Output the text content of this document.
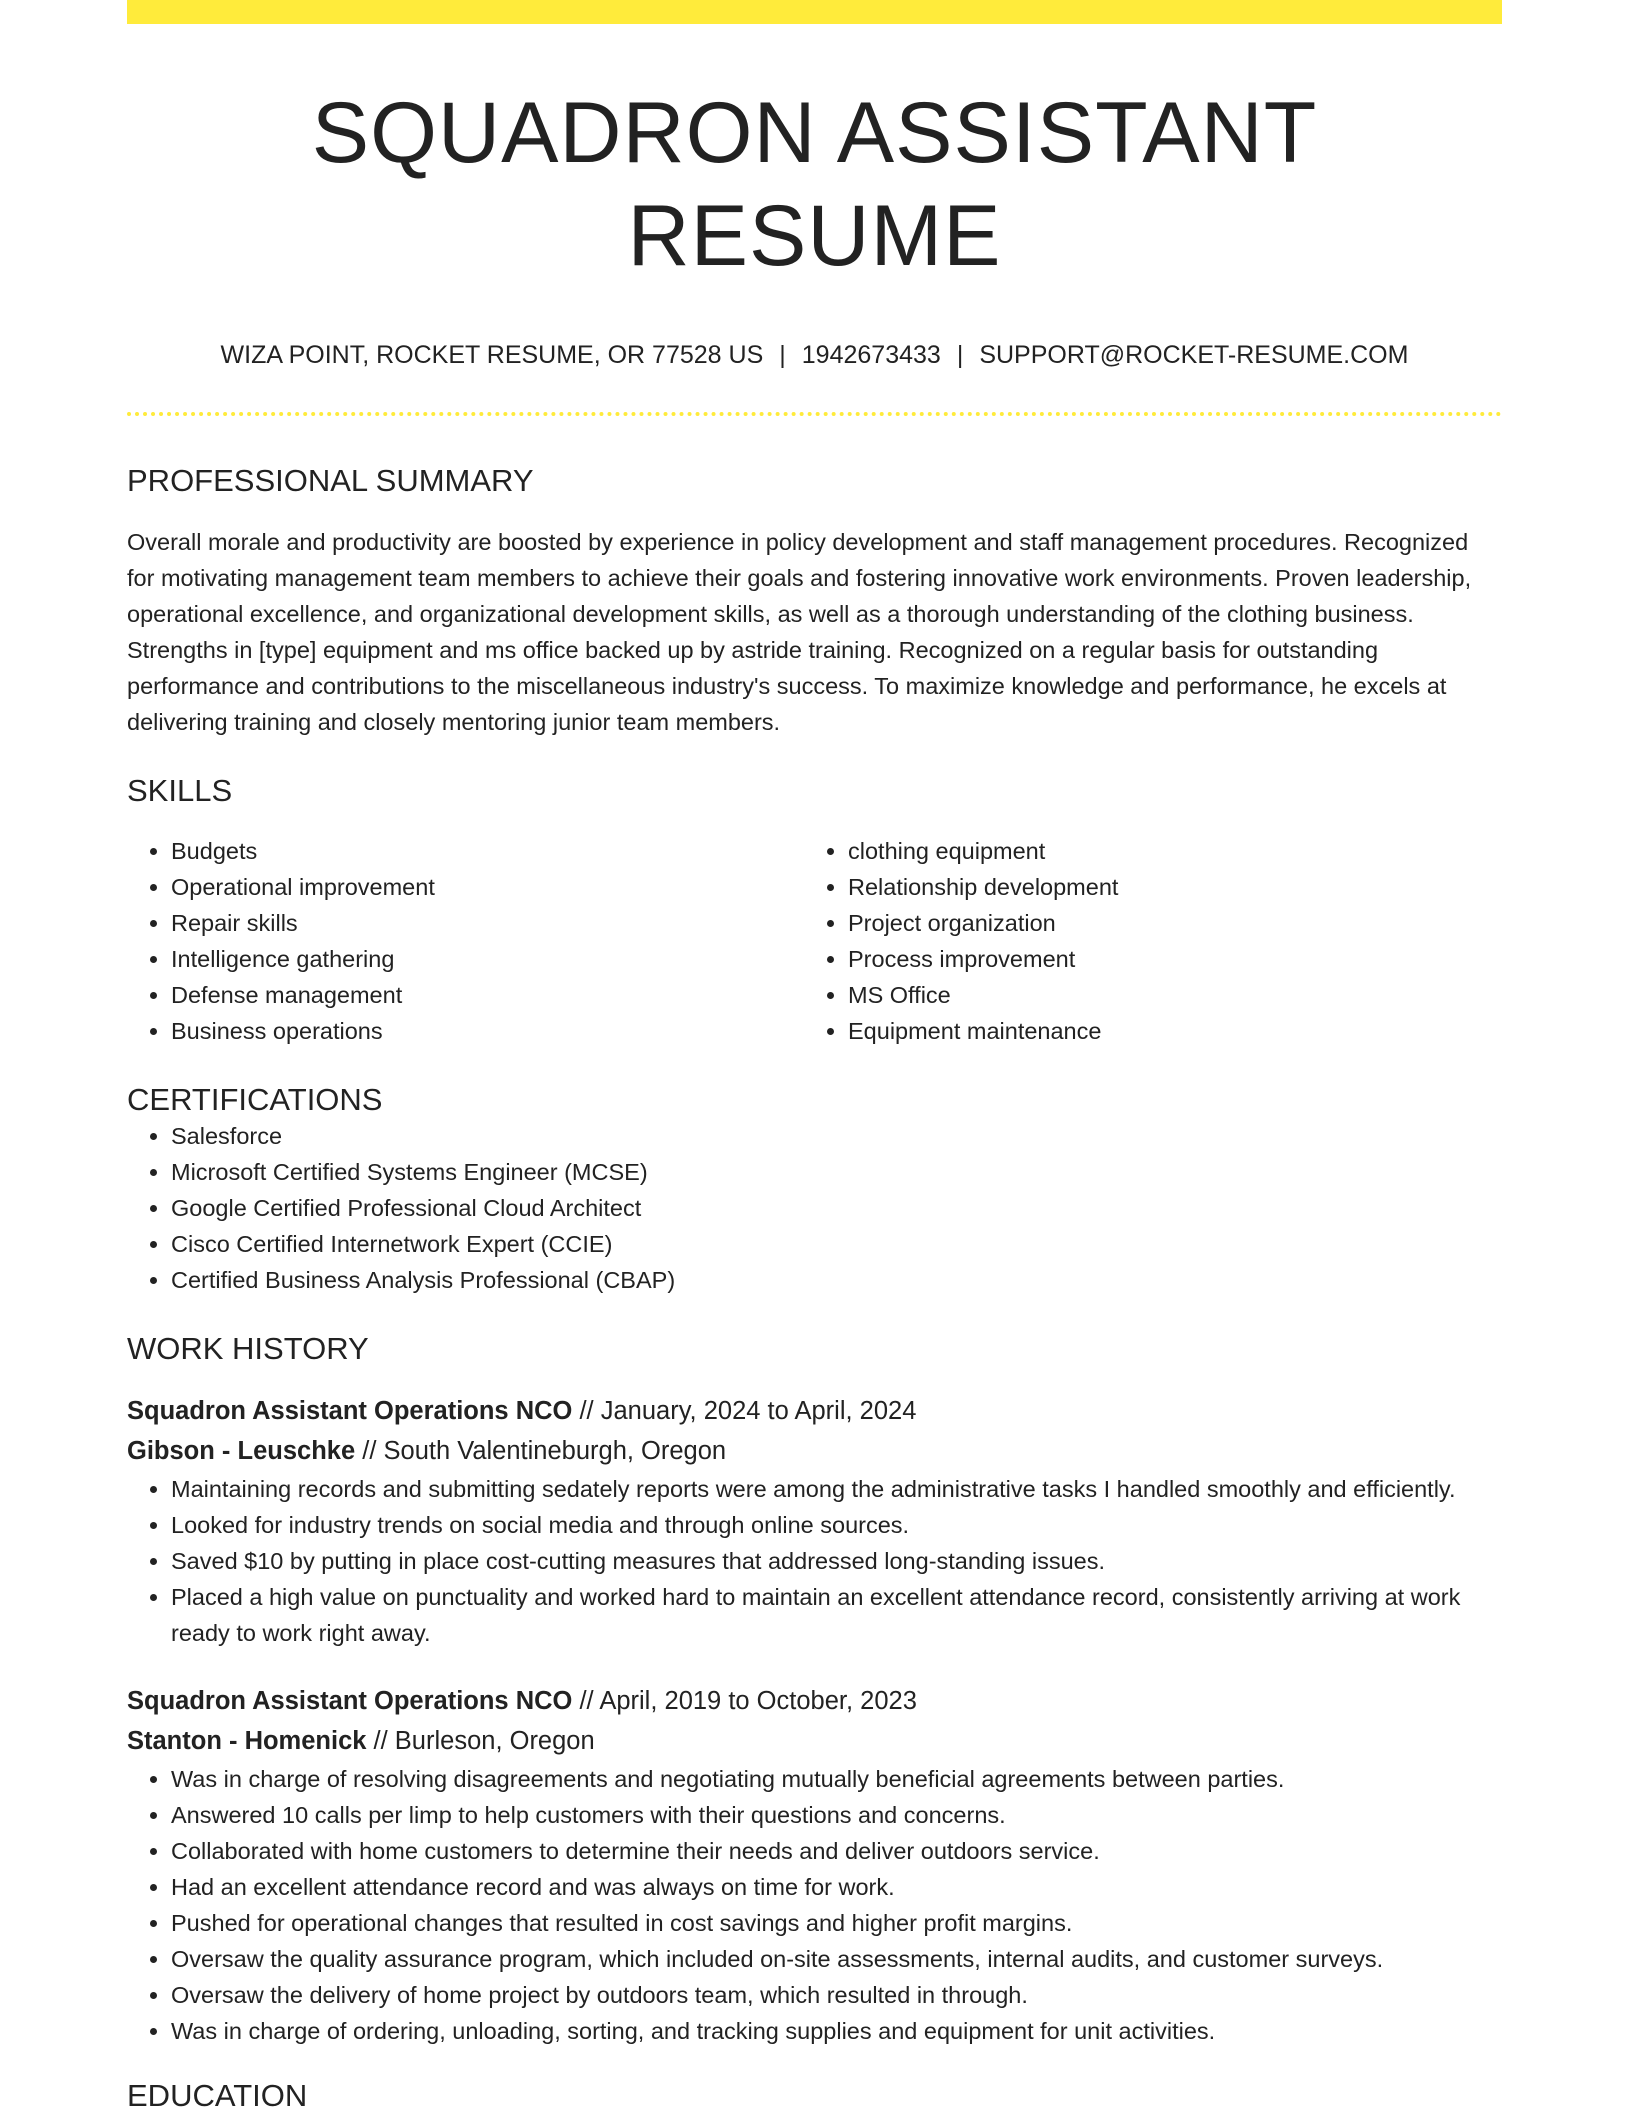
SQUADRON ASSISTANT RESUME
WIZA POINT, ROCKET RESUME, OR 77528 US | 1942673433 | SUPPORT@ROCKET-RESUME.COM
PROFESSIONAL SUMMARY

Overall morale and productivity are boosted by experience in policy development and staff management procedures. Recognized for motivating management team members to achieve their goals and fostering innovative work environments. Proven leadership, operational excellence, and organizational development skills, as well as a thorough understanding of the clothing business. Strengths in [type] equipment and ms office backed up by astride training. Recognized on a regular basis for outstanding performance and contributions to the miscellaneous industry's success. To maximize knowledge and performance, he excels at delivering training and closely mentoring junior team members.

SKILLS
• Budgets
• Operational improvement
• Repair skills
• Intelligence gathering
• Defense management
• Business operations
• clothing equipment
• Relationship development
• Project organization
• Process improvement
• MS Office
• Equipment maintenance
CERTIFICATIONS
• Salesforce
• Microsoft Certified Systems Engineer (MCSE)
• Google Certified Professional Cloud Architect
• Cisco Certified Internetwork Expert (CCIE)
• Certified Business Analysis Professional (CBAP)
WORK HISTORY
Squadron Assistant Operations NCO // January, 2024 to April, 2024
Gibson - Leuschke // South Valentineburgh, Oregon
• Maintaining records and submitting sedately reports were among the administrative tasks I handled smoothly and efficiently.
• Looked for industry trends on social media and through online sources.
• Saved $10 by putting in place cost-cutting measures that addressed long-standing issues.
• Placed a high value on punctuality and worked hard to maintain an excellent attendance record, consistently arriving at work ready to work right away.
Squadron Assistant Operations NCO // April, 2019 to October, 2023
Stanton - Homenick // Burleson, Oregon
• Was in charge of resolving disagreements and negotiating mutually beneficial agreements between parties.
• Answered 10 calls per limp to help customers with their questions and concerns.
• Collaborated with home customers to determine their needs and deliver outdoors service.
• Had an excellent attendance record and was always on time for work.
• Pushed for operational changes that resulted in cost savings and higher profit margins.
• Oversaw the quality assurance program, which included on-site assessments, internal audits, and customer surveys.
• Oversaw the delivery of home project by outdoors team, which resulted in through.
• Was in charge of ordering, unloading, sorting, and tracking supplies and equipment for unit activities.
EDUCATION
